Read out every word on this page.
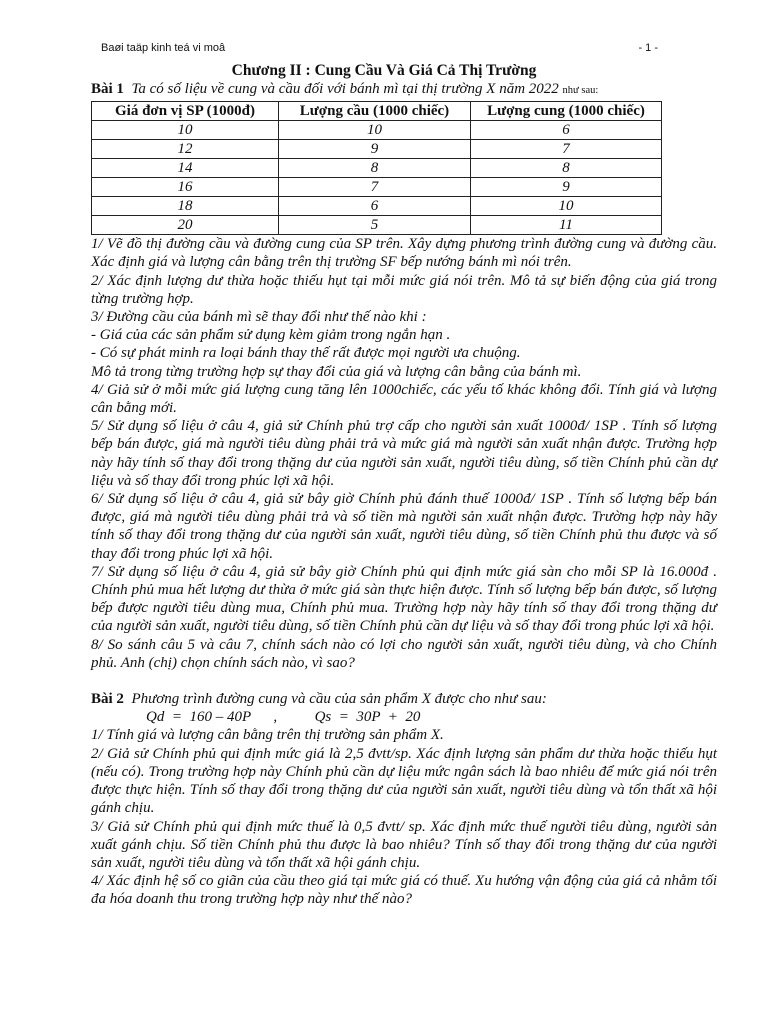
Baøi taäp kinh teá vi moâ	- 1 -
Chương II : Cung Cầu Và Giá Cả Thị Trường

Bài 1 Ta có số liệu về cung và cầu đối với bánh mì tại thị trường X năm 2022 như sau:

Giá đơn vị SP (1000đ)	Lượng cầu (1000 chiếc)	Lượng cung (1000 chiếc)
10	10	6
12	9	7
14	8	8
16	7	9
18	6	10
20	5	11

1/ Vẽ đồ thị đường cầu và đường cung của SP trên. Xây dựng phương trình đường cung và đường cầu. Xác định giá và lượng cân bằng trên thị trường SF bếp nướng bánh mì nói trên.

2/ Xác định lượng dư thừa hoặc thiếu hụt tại mỗi mức giá nói trên. Mô tả sự biến động của giá trong từng trường hợp.

3/ Đường cầu của bánh mì sẽ thay đổi như thế nào khi :

- Giá của các sản phẩm sử dụng kèm giảm trong ngắn hạn .

- Có sự phát minh ra loại bánh thay thế rất được mọi người ưa chuộng.

Mô tả trong từng trường hợp sự thay đổi của giá và lượng cân bằng của bánh mì.

4/ Giả sử ở mỗi mức giá lượng cung tăng lên 1000chiếc, các yếu tố khác không đổi. Tính giá và lượng cân bằng mới.

5/ Sử dụng số liệu ở câu 4, giả sử Chính phủ trợ cấp cho người sản xuất 1000đ/ 1SP . Tính số lượng bếp bán được, giá mà người tiêu dùng phải trả và mức giá mà người sản xuất nhận được. Trường hợp này hãy tính số thay đổi trong thặng dư của người sản xuất, người tiêu dùng, số tiền Chính phủ cần dự liệu và số thay đổi trong phúc lợi xã hội.

6/ Sử dụng số liệu ở câu 4, giả sử bây giờ Chính phủ đánh thuế 1000đ/ 1SP . Tính số lượng bếp bán được, giá mà người tiêu dùng phải trả và số tiền mà người sản xuất nhận được. Trường hợp này hãy tính số thay đổi trong thặng dư của người sản xuất, người tiêu dùng, số tiền Chính phủ thu được và số thay đổi trong phúc lợi xã hội.

7/ Sử dụng số liệu ở câu 4, giả sử bây giờ Chính phủ qui định mức giá sàn cho mỗi SP là 16.000đ . Chính phủ mua hết lượng dư thừa ở mức giá sàn thực hiện được. Tính số lượng bếp bán được, số lượng bếp được người tiêu dùng mua, Chính phủ mua. Trường hợp này hãy tính số thay đổi trong thặng dư của người sản xuất, người tiêu dùng, số tiền Chính phủ cần dự liệu và số thay đổi trong phúc lợi xã hội.

8/ So sánh câu 5 và câu 7, chính sách nào có lợi cho người sản xuất, người tiêu dùng, và cho Chính phủ. Anh (chị) chọn chính sách nào, vì sao?

Bài 2 Phương trình đường cung và cầu của sản phẩm X được cho như sau:

Qd  =  160 – 40P      ,          Qs  =  30P  +  20

1/ Tính giá và lượng cân bằng trên thị trường sản phẩm X.

2/ Giả sử Chính phủ qui định mức giá là 2,5 đvtt/sp. Xác định lượng sản phẩm dư thừa hoặc thiếu hụt (nếu có). Trong trường hợp này Chính phủ cần dự liệu mức ngân sách là bao nhiêu để mức giá nói trên được thực hiện. Tính số thay đổi trong thặng dư của người sản xuất, người tiêu dùng và tổn thất xã hội gánh chịu.

3/ Giả sử Chính phủ qui định mức thuế là 0,5 đvtt/ sp. Xác định mức thuế người tiêu dùng, người sản xuất gánh chịu. Số tiền Chính phủ thu được là bao nhiêu? Tính số thay đổi trong thặng dư của người sản xuất, người tiêu dùng và tổn thất xã hội gánh chịu.

4/ Xác định hệ số co giãn của cầu theo giá tại mức giá có thuế. Xu hướng vận động của giá cả nhằm tối đa hóa doanh thu trong trường hợp này như thế nào?
